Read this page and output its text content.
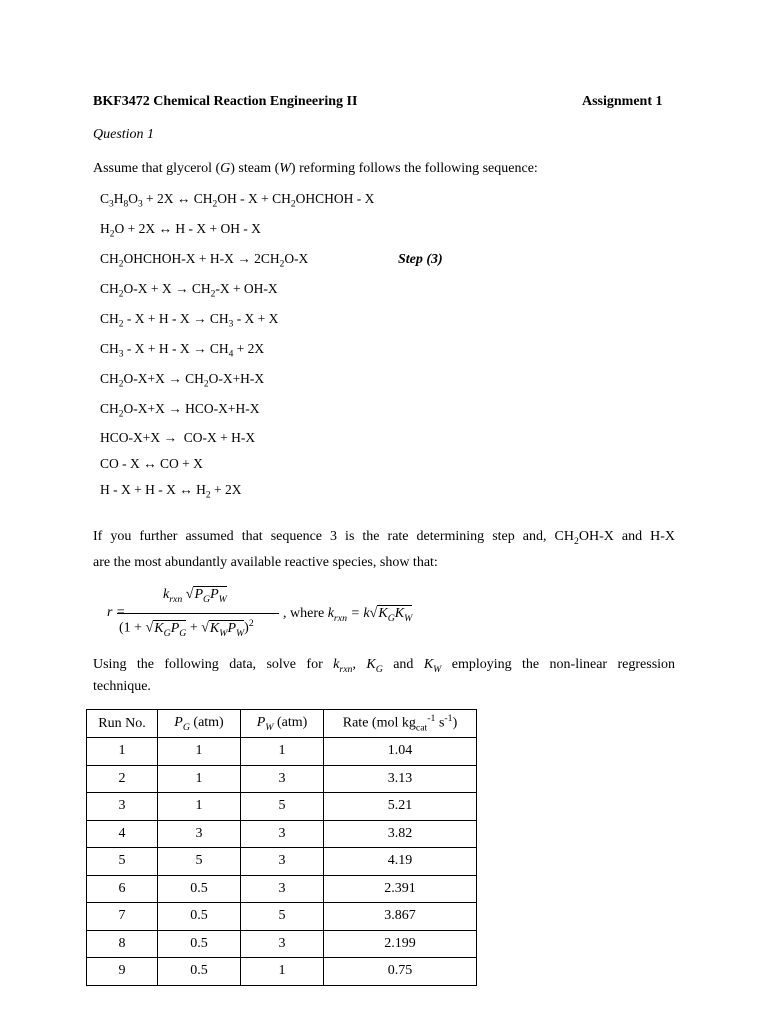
BKF3472 Chemical Reaction Engineering II	Assignment 1
Question 1
Assume that glycerol (G) steam (W) reforming follows the following sequence:
$C_3H_8O_3 + 2X$ ↔ $CH_2OH$ - $X + CH_2OHCHOH - X$
$H_2O + 2X$ ↔ H - X + OH - X
$CH_2OHCHOH-X + H-X \to 2CH_2O-X$	Step (3)
$CH_2O-X + X \to CH_2-X + OH-X$
$CH_2 - X + H - X \to CH_3 - X + X$
$CH_3 - X + H - X \to CH_4 + 2X$
$CH_2O-X+X \to CH_2O-X+H-X$
$CH_2O-X+X \to HCO-X+H-X$
HCO-X+X →  CO-X + H-X
CO - X ↔ CO + X
H - X + H - X ↔ $H_2 + 2X$
If you further assumed that sequence 3 is the rate determining step and, $CH_2OH-X$ and H-X
are the most abundantly available reactive species, show that:
r =
$k_{rxn}$ $√P_GP_W$
$(1 + √K_GP_G + √K_WP_W)^2$
, where $k_{rxn} = k√K_GK_W$
Using the following data, solve for $k_{rxn}$, $K_G$ and $K_W$ employing the non-linear regression
technique.
Run No.	$P_G$ (atm)	$P_W$ (atm)	Rate (mol $kg_{cat}^{-1}$ $s^{-1}$)
1	1	1	1.04
2	1	3	3.13
3	1	5	5.21
4	3	3	3.82
5	5	3	4.19
6	0.5	3	2.391
7	0.5	5	3.867
8	0.5	3	2.199
9	0.5	1	0.75
